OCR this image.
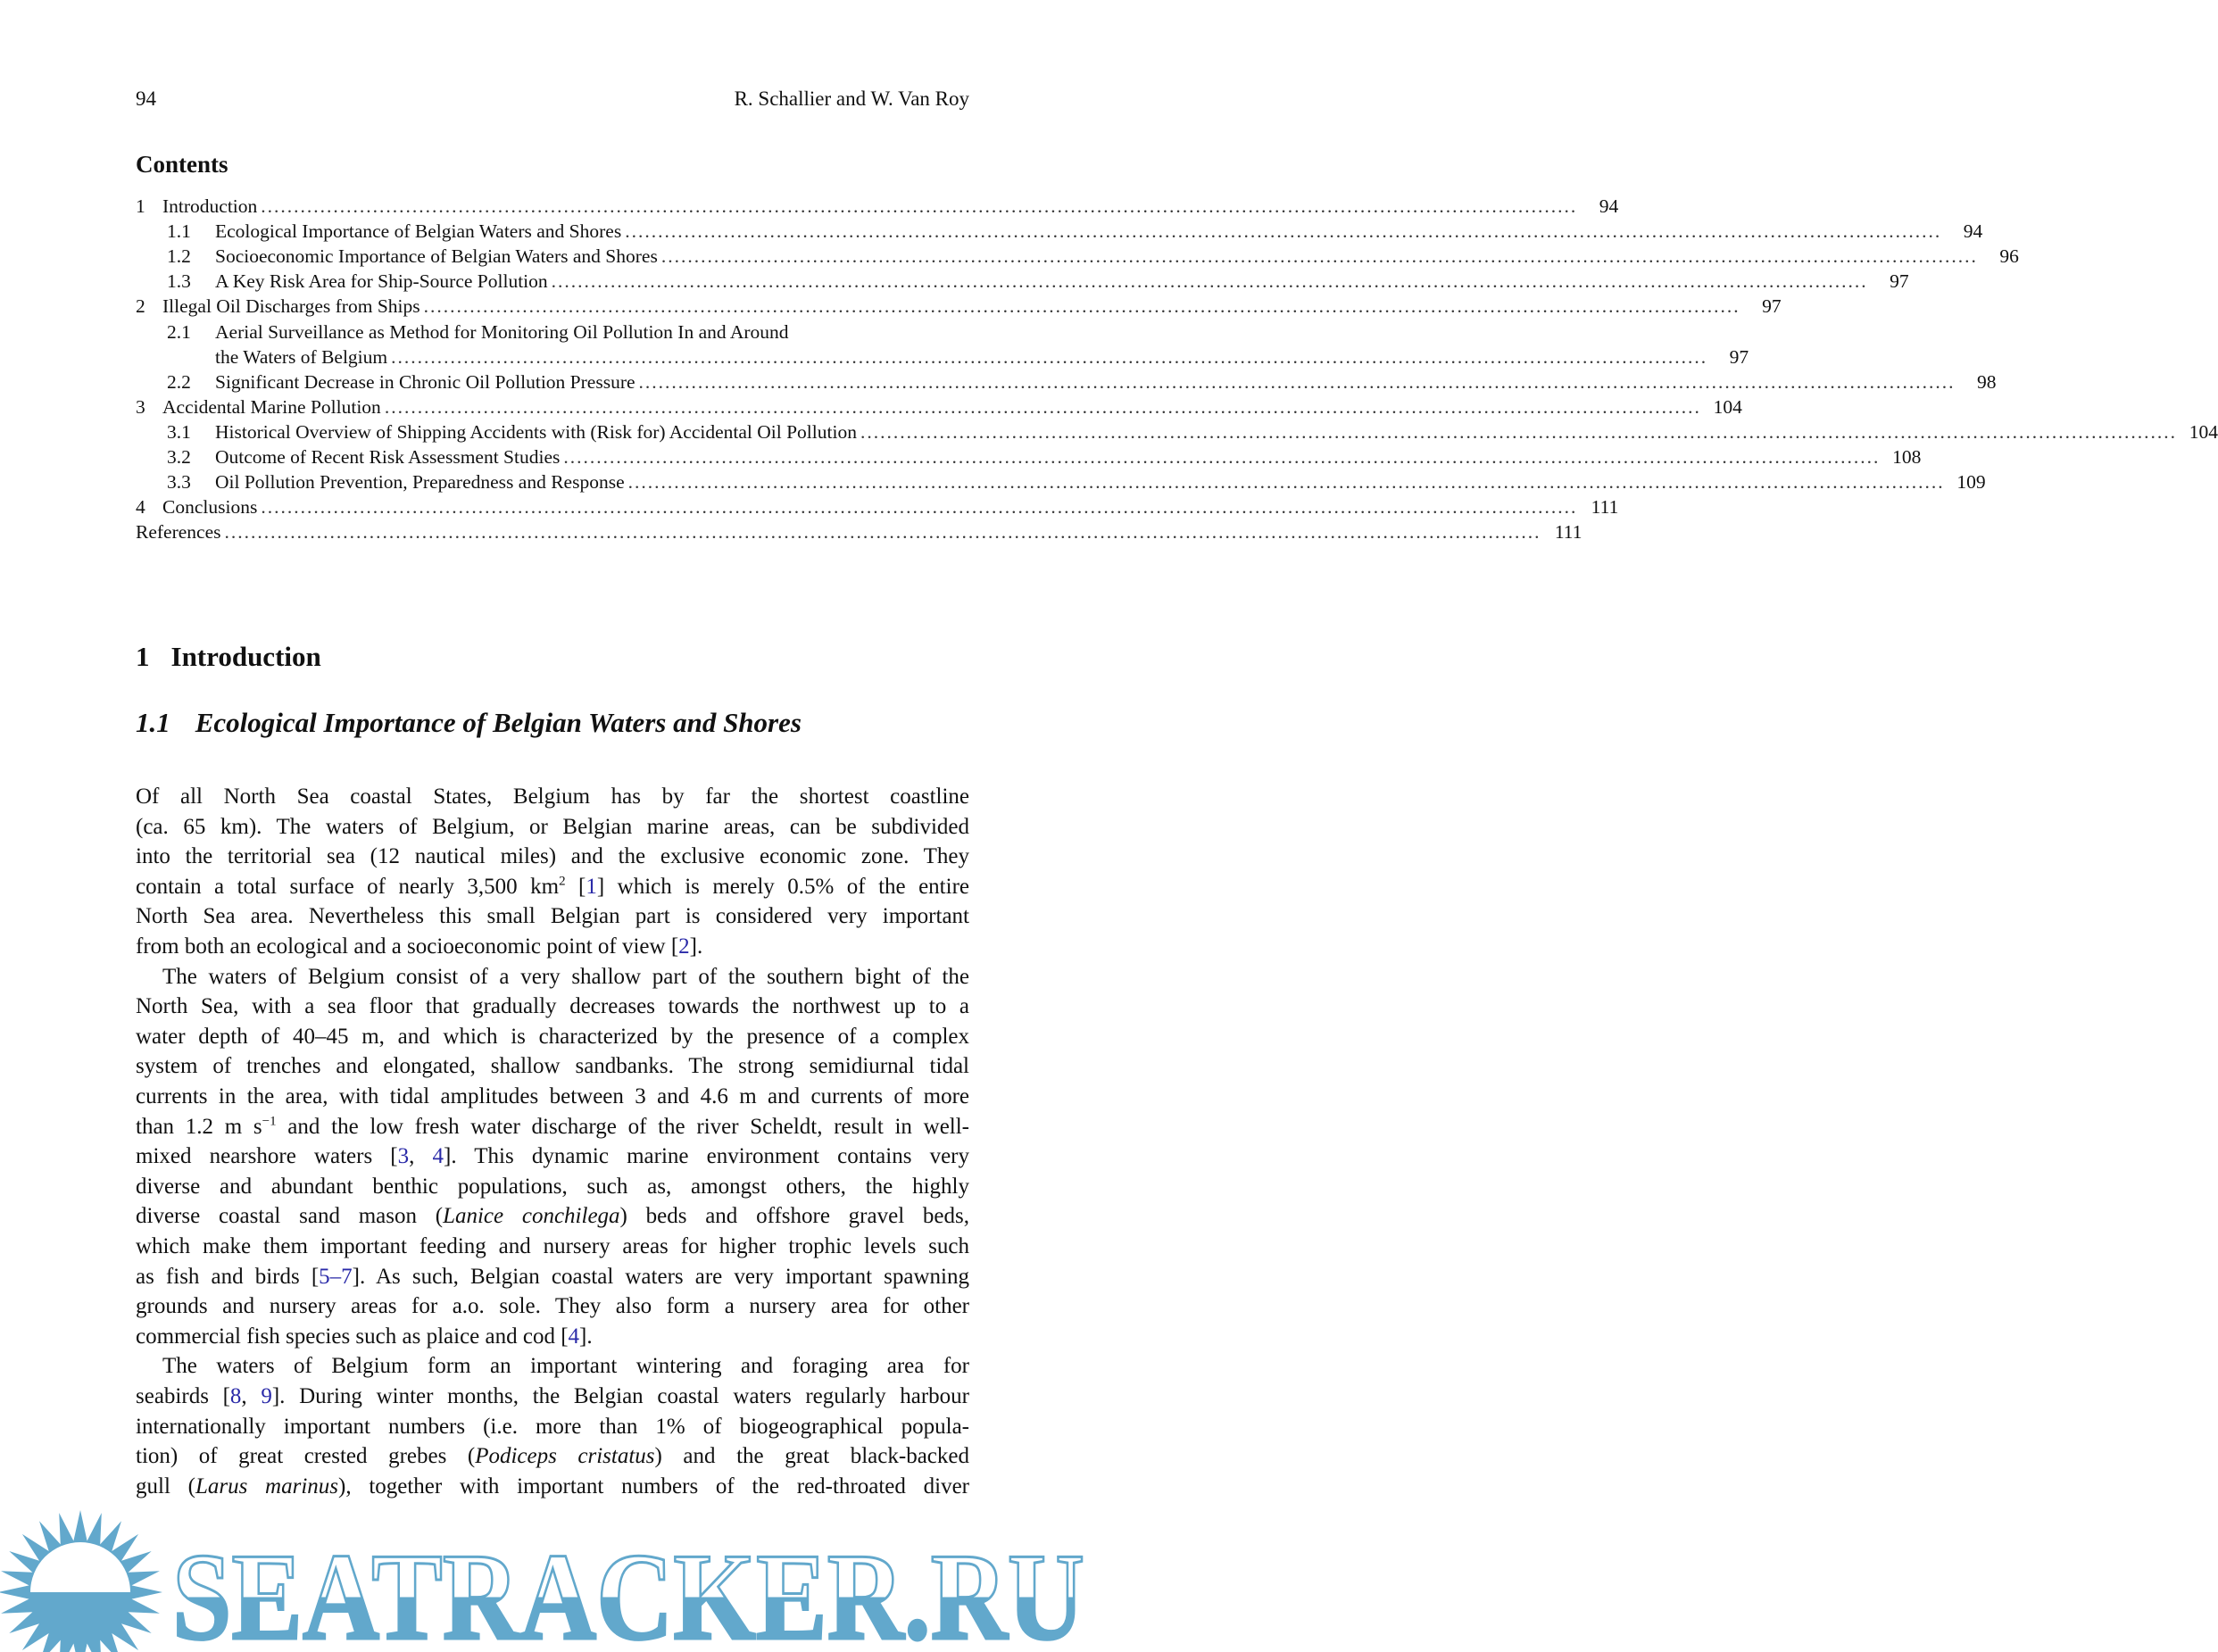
94	R. Schallier and W. Van Roy
Contents
1 Introduction ........................................................................................................................................................................................................	94
1.1	Ecological Importance of Belgian Waters and Shores ........................................................................................................................................................................................................	94
1.2	Socioeconomic Importance of Belgian Waters and Shores ........................................................................................................................................................................................................	96
1.3	A Key Risk Area for Ship-Source Pollution ........................................................................................................................................................................................................	97
2 Illegal Oil Discharges from Ships ........................................................................................................................................................................................................	97
2.1	Aerial Surveillance as Method for Monitoring Oil Pollution In and Around
the Waters of Belgium ........................................................................................................................................................................................................	97
2.2	Significant Decrease in Chronic Oil Pollution Pressure ........................................................................................................................................................................................................	98
3 Accidental Marine Pollution ........................................................................................................................................................................................................ 104
3.1	Historical Overview of Shipping Accidents with (Risk for) Accidental Oil Pollution ........................................................................................................................................................................................................ 104
3.2	Outcome of Recent Risk Assessment Studies ........................................................................................................................................................................................................ 108
3.3	Oil Pollution Prevention, Preparedness and Response ........................................................................................................................................................................................................ 109
4 Conclusions ........................................................................................................................................................................................................ 111
References ........................................................................................................................................................................................................ 111
1 Introduction
1.1 Ecological Importance of Belgian Waters and Shores
Of all North Sea coastal States, Belgium has by far the shortest coastline
(ca. 65 km). The waters of Belgium, or Belgian marine areas, can be subdivided
into the territorial sea (12 nautical miles) and the exclusive economic zone. They
contain a total surface of nearly 3,500 $km^2$ [1] which is merely 0.5% of the entire
North Sea area. Nevertheless this small Belgian part is considered very important
from both an ecological and a socioeconomic point of view [2].
The waters of Belgium consist of a very shallow part of the southern bight of the
North Sea, with a sea floor that gradually decreases towards the northwest up to a
water depth of 40–45 m, and which is characterized by the presence of a complex
system of trenches and elongated, shallow sandbanks. The strong semidiurnal tidal
currents in the area, with tidal amplitudes between 3 and 4.6 m and currents of more
than 1.2 m $s^{-1}$ and the low fresh water discharge of the river Scheldt, result in well-
mixed nearshore waters [3, 4]. This dynamic marine environment contains very
diverse and abundant benthic populations, such as, amongst others, the highly
diverse coastal sand mason (Lanice conchilega) beds and offshore gravel beds,
which make them important feeding and nursery areas for higher trophic levels such
as fish and birds [5–7]. As such, Belgian coastal waters are very important spawning
grounds and nursery areas for a.o. sole. They also form a nursery area for other
commercial fish species such as plaice and cod [4].
The waters of Belgium form an important wintering and foraging area for
seabirds [8, 9]. During winter months, the Belgian coastal waters regularly harbour
internationally important numbers (i.e. more than 1% of biogeographical popula-
tion) of great crested grebes (Podiceps cristatus) and the great black-backed
gull (Larus marinus), together with important numbers of the red-throated diver
SEATRACKER.RU
